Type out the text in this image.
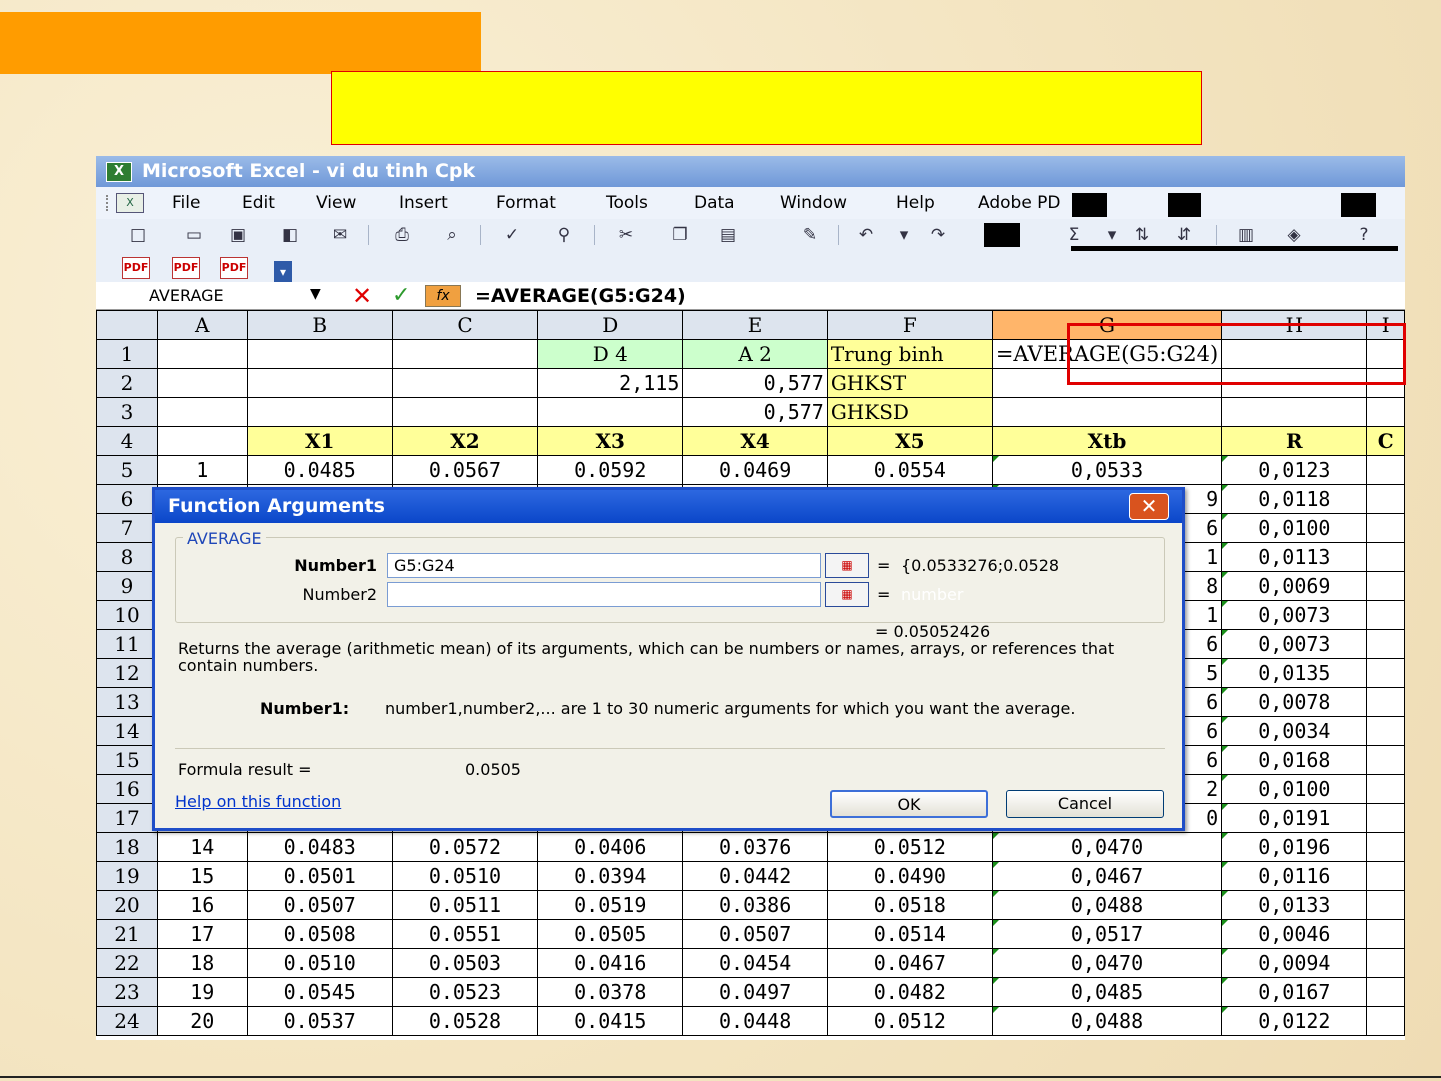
X Microsoft Excel - vi du tinh Cpk
X	File Edit View	Insert	Format	Tools	Data	Window	Help	Adobe PD
□ ▭ ▣ ◧ ✉	⎙	⌕	✓	⚲	✂ ❐ ▤	✎ ↶	▾	↷	Σ	▾	⇅ ⇵	▥	◈	?
PDF PDF PDF	▾
AVERAGE	▼ ✕ ✓	fx	=AVERAGE(G5:G24)
	A	B	C	D	E	F	G	H	I
1				D 4	A 2	Trung binh	=AVERAGE(G5:G24)		
2				2,115	0,577	GHKST			
3					0,577	GHKSD			
4		X1	X2	X3	X4	X5	Xtb	R	C
5	1	0.0485	0.0567	0.0592	0.0469	0.0554	0,0533	0,0123	
6							9	0,0118	
7							6	0,0100	
8							1	0,0113	
9							8	0,0069	
10							1	0,0073	
11							6	0,0073	
12							5	0,0135	
13							6	0,0078	
14							6	0,0034	
15							6	0,0168	
16							2	0,0100	
17							0	0,0191	
18	14	0.0483	0.0572	0.0406	0.0376	0.0512	0,0470	0,0196	
19	15	0.0501	0.0510	0.0394	0.0442	0.0490	0,0467	0,0116	
20	16	0.0507	0.0511	0.0519	0.0386	0.0518	0,0488	0,0133	
21	17	0.0508	0.0551	0.0505	0.0507	0.0514	0,0517	0,0046	
22	18	0.0510	0.0503	0.0416	0.0454	0.0467	0,0470	0,0094	
23	19	0.0545	0.0523	0.0378	0.0497	0.0482	0,0485	0,0167	
24	20	0.0537	0.0528	0.0415	0.0448	0.0512	0,0488	0,0122	
Function Arguments	✕
AVERAGE
Number1	G5:G24	▦	= {0.0533276;0.0528
Number2	▦	= number
= 0.05052426
Returns the average (arithmetic mean) of its arguments, which can be numbers or names, arrays, or references that contain numbers.
Number1: number1,number2,... are 1 to 30 numeric arguments for which you want the average.
Formula result =	0.0505
Help on this function	OK	Cancel
